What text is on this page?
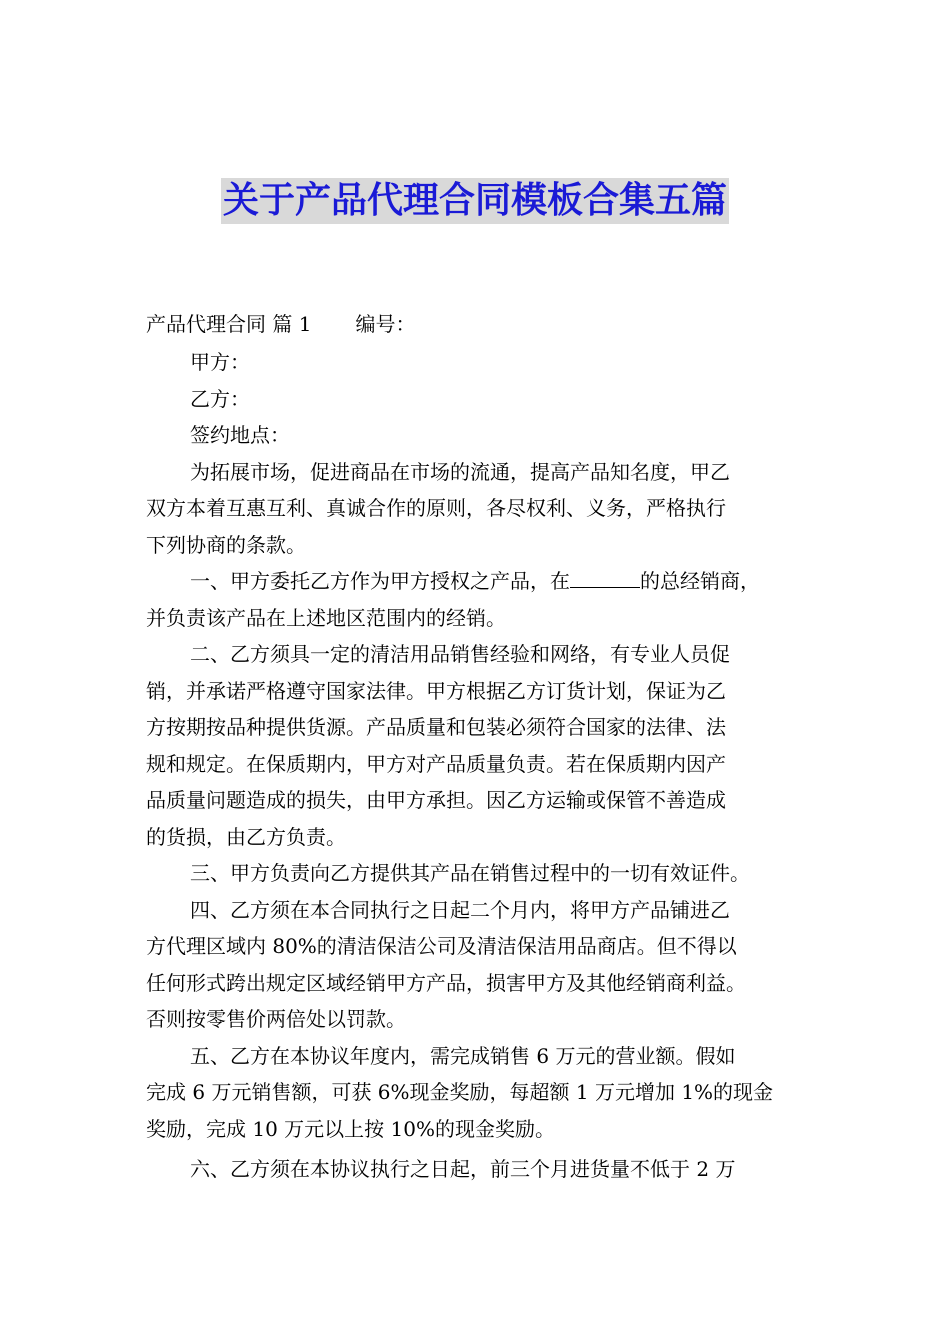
关于产品代理合同模板合集五篇
产品代理合同 篇 1 编号：
甲方：
乙方：
签约地点：
为拓展市场，促进商品在市场的流通，提高产品知名度，甲乙
双方本着互惠互利、真诚合作的原则，各尽权利、义务，严格执行
下列协商的条款。
一、甲方委托乙方作为甲方授权之产品，在	的总经销商，
并负责该产品在上述地区范围内的经销。
二、乙方须具一定的清洁用品销售经验和网络，有专业人员促
销，并承诺严格遵守国家法律。甲方根据乙方订货计划，保证为乙
方按期按品种提供货源。产品质量和包装必须符合国家的法律、法
规和规定。在保质期内，甲方对产品质量负责。若在保质期内因产
品质量问题造成的损失，由甲方承担。因乙方运输或保管不善造成
的货损，由乙方负责。
三、甲方负责向乙方提供其产品在销售过程中的一切有效证件。
四、乙方须在本合同执行之日起二个月内，将甲方产品铺进乙
方代理区域内 80%的清洁保洁公司及清洁保洁用品商店。但不得以
任何形式跨出规定区域经销甲方产品，损害甲方及其他经销商利益。
否则按零售价两倍处以罚款。
五、乙方在本协议年度内，需完成销售 6 万元的营业额。假如
完成 6 万元销售额，可获 6%现金奖励，每超额 1 万元增加 1%的现金
奖励，完成 10 万元以上按 10%的现金奖励。
六、乙方须在本协议执行之日起，前三个月进货量不低于 2 万
